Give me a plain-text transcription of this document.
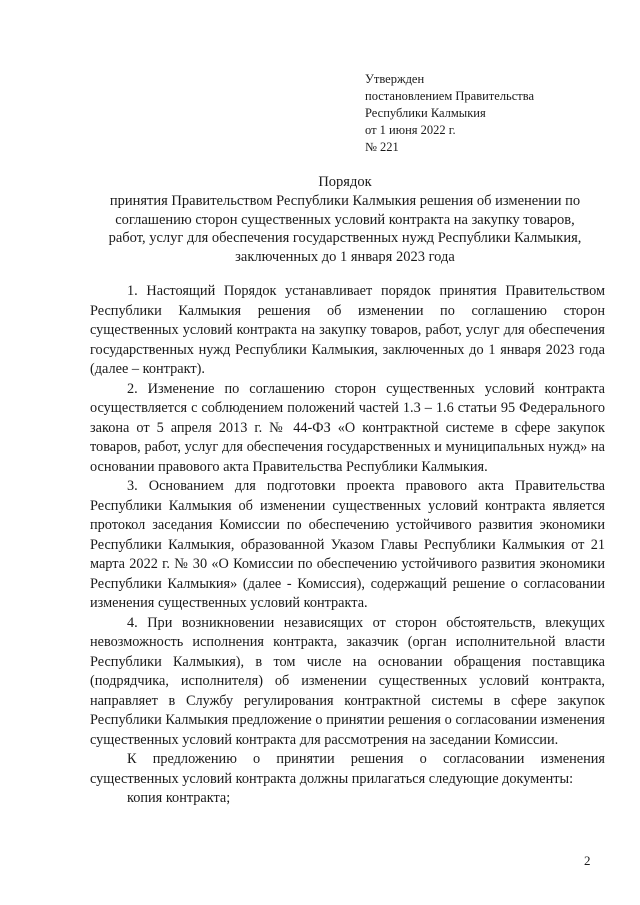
Утвержден
постановлением Правительства
Республики Калмыкия
от 1 июня 2022 г.
№ 221
Порядок
принятия Правительством Республики Калмыкия решения об изменении по
соглашению сторон существенных условий контракта на закупку товаров,
работ, услуг для обеспечения государственных нужд Республики Калмыкия,
заключенных до 1 января 2023 года

1. Настоящий Порядок устанавливает порядок принятия Правительством Республики Калмыкия решения об изменении по соглашению сторон существенных условий контракта на закупку товаров, работ, услуг для обеспечения государственных нужд Республики Калмыкия, заключенных до 1 января 2023 года (далее – контракт).

2. Изменение по соглашению сторон существенных условий контракта осуществляется с соблюдением положений частей 1.3 – 1.6 статьи 95 Федерального закона от 5 апреля 2013 г. № 44-ФЗ «О контрактной системе в сфере закупок товаров, работ, услуг для обеспечения государственных и муниципальных нужд» на основании правового акта Правительства Республики Калмыкия.

3. Основанием для подготовки проекта правового акта Правительства Республики Калмыкия об изменении существенных условий контракта является протокол заседания Комиссии по обеспечению устойчивого развития экономики Республики Калмыкия, образованной Указом Главы Республики Калмыкия от 21 марта 2022 г. № 30 «О Комиссии по обеспечению устойчивого развития экономики Республики Калмыкия» (далее - Комиссия), содержащий решение о согласовании изменения существенных условий контракта.

4. При возникновении независящих от сторон обстоятельств, влекущих невозможность исполнения контракта, заказчик (орган исполнительной власти Республики Калмыкия), в том числе на основании обращения поставщика (подрядчика, исполнителя) об изменении существенных условий контракта, направляет в Службу регулирования контрактной системы в сфере закупок Республики Калмыкия предложение о принятии решения о согласовании изменения существенных условий контракта для рассмотрения на заседании Комиссии.

К предложению о принятии решения о согласовании изменения существенных условий контракта должны прилагаться следующие документы:

копия контракта;

2
